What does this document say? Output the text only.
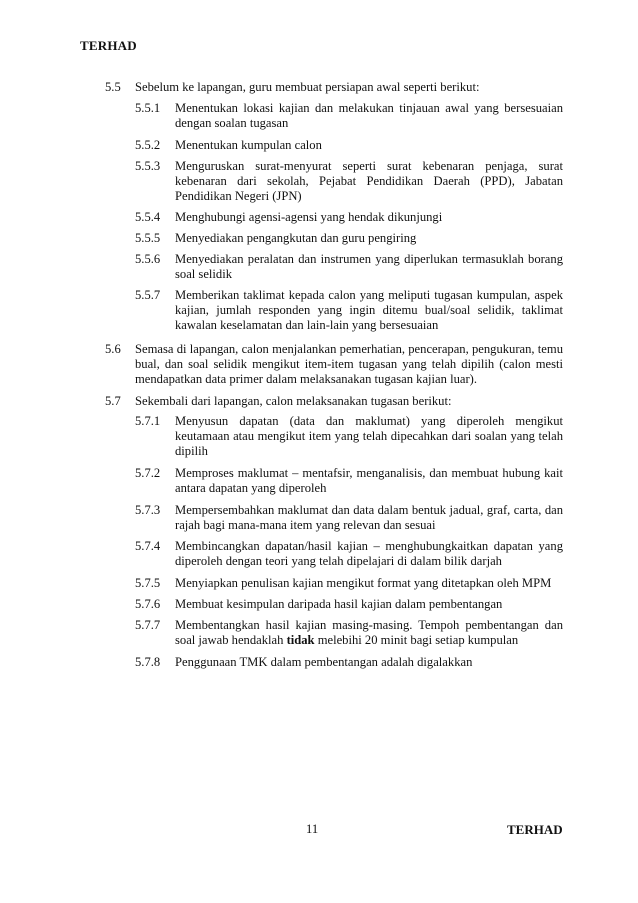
TERHAD
5.5 Sebelum ke lapangan, guru membuat persiapan awal seperti berikut:
5.5.1 Menentukan lokasi kajian dan melakukan tinjauan awal yang bersesuaian dengan soalan tugasan
5.5.2 Menentukan kumpulan calon
5.5.3 Menguruskan surat-menyurat seperti surat kebenaran penjaga, surat kebenaran dari sekolah, Pejabat Pendidikan Daerah (PPD), Jabatan Pendidikan Negeri (JPN)
5.5.4 Menghubungi agensi-agensi yang hendak dikunjungi
5.5.5 Menyediakan pengangkutan dan guru pengiring
5.5.6 Menyediakan peralatan dan instrumen yang diperlukan termasuklah borang soal selidik
5.5.7 Memberikan taklimat kepada calon yang meliputi tugasan kumpulan, aspek kajian, jumlah responden yang ingin ditemu bual/soal selidik, taklimat kawalan keselamatan dan lain-lain yang bersesuaian
5.6 Semasa di lapangan, calon menjalankan pemerhatian, pencerapan, pengukuran, temu bual, dan soal selidik mengikut item-item tugasan yang telah dipilih (calon mesti mendapatkan data primer dalam melaksanakan tugasan kajian luar).
5.7 Sekembali dari lapangan, calon melaksanakan tugasan berikut:
5.7.1 Menyusun dapatan (data dan maklumat) yang diperoleh mengikut keutamaan atau mengikut item yang telah dipecahkan dari soalan yang telah dipilih
5.7.2 Memproses maklumat – mentafsir, menganalisis, dan membuat hubung kait antara dapatan yang diperoleh
5.7.3 Mempersembahkan maklumat dan data dalam bentuk jadual, graf, carta, dan rajah bagi mana-mana item yang relevan dan sesuai
5.7.4 Membincangkan dapatan/hasil kajian – menghubungkaitkan dapatan yang diperoleh dengan teori yang telah dipelajari di dalam bilik darjah
5.7.5 Menyiapkan penulisan kajian mengikut format yang ditetapkan oleh MPM
5.7.6 Membuat kesimpulan daripada hasil kajian dalam pembentangan
5.7.7 Membentangkan hasil kajian masing-masing. Tempoh pembentangan dan soal jawab hendaklah tidak melebihi 20 minit bagi setiap kumpulan
5.7.8 Penggunaan TMK dalam pembentangan adalah digalakkan
11	TERHAD
